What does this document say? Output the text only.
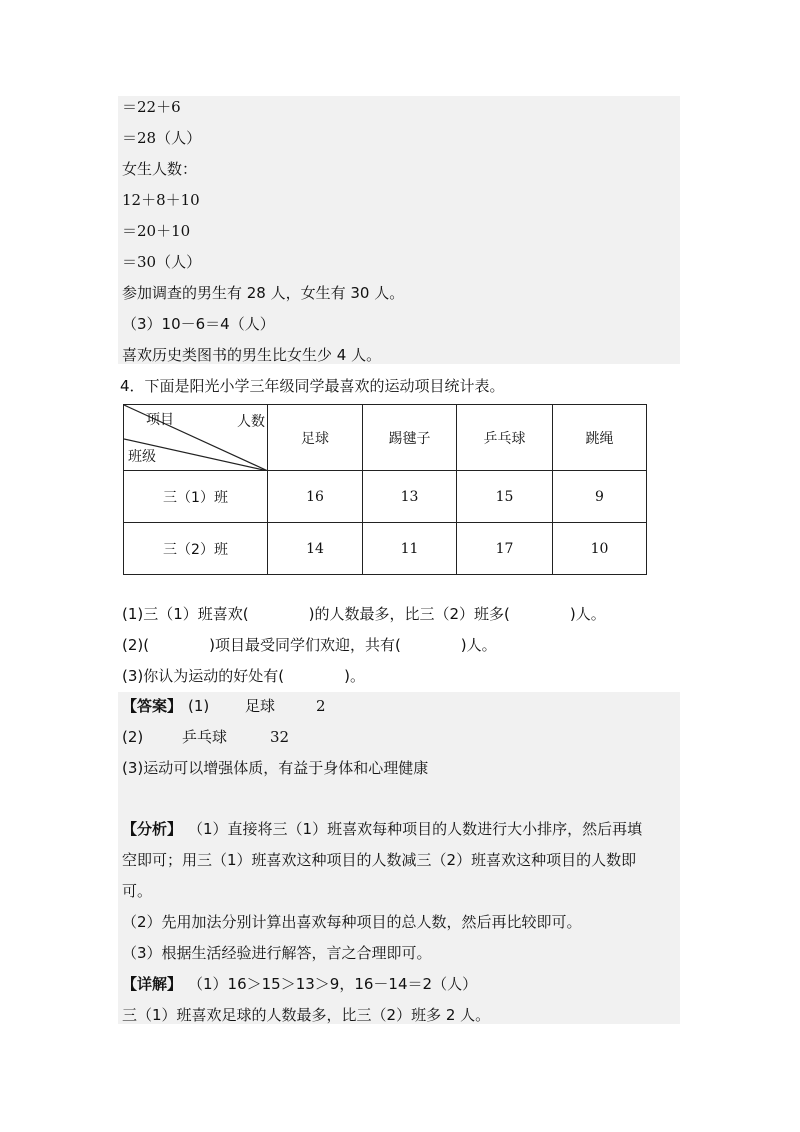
＝22＋6
＝28（人）
女生人数：
12＋8＋10
＝20＋10
＝30（人）
参加调查的男生有 28 人，女生有 30 人。
（3）10－6＝4（人）
喜欢历史类图书的男生比女生少 4 人。
4．下面是阳光小学三年级同学最喜欢的运动项目统计表。
项目 人数
班级	足球	踢毽子	乒乓球	跳绳
三（1）班	16	13	15	9
三（2）班	14	11	17	10
(1)三（1）班喜欢(　　　　)的人数最多，比三（2）班多(　　　　)人。
(2)(　　　　)项目最受同学们欢迎，共有(　　　　)人。
(3)你认为运动的好处有(　　　　)。
【答案】 (1) 足球	2
(2)	乒乓球	32
(3)运动可以增强体质，有益于身体和心理健康
【分析】 （1）直接将三（1）班喜欢每种项目的人数进行大小排序，然后再填
空即可；用三（1）班喜欢这种项目的人数减三（2）班喜欢这种项目的人数即
可。
（2）先用加法分别计算出喜欢每种项目的总人数，然后再比较即可。
（3）根据生活经验进行解答，言之合理即可。
【详解】 （1）16＞15＞13＞9，16－14＝2（人）
三（1）班喜欢足球的人数最多，比三（2）班多 2 人。
